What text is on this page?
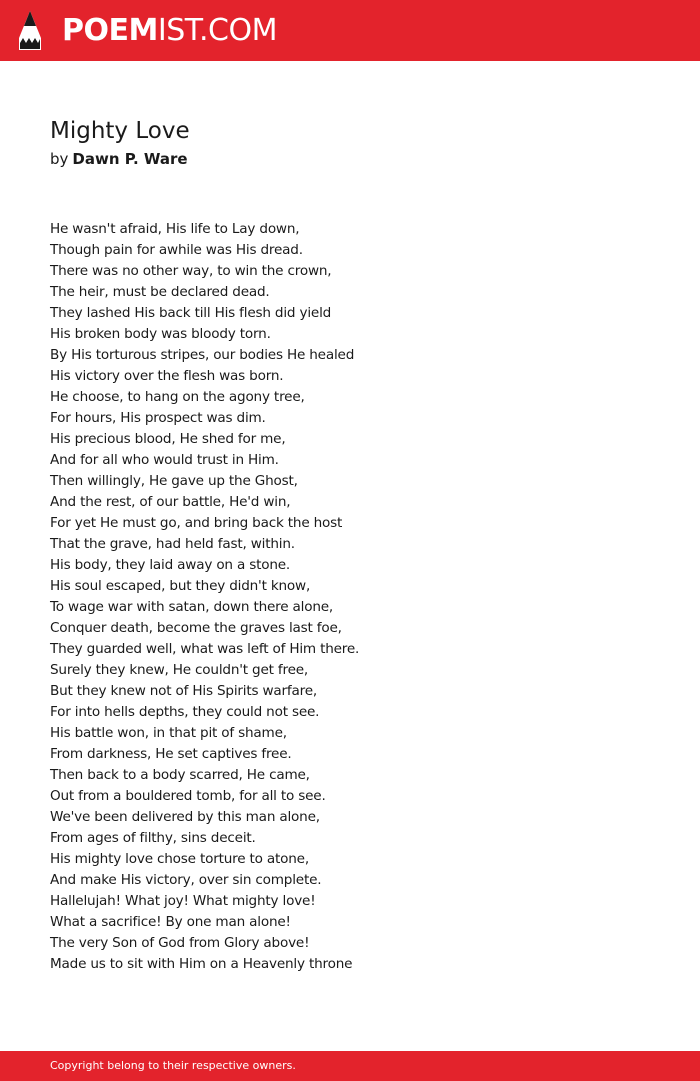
POEMIST.COM
Mighty Love
by Dawn P. Ware
He wasn't afraid, His life to Lay down,
Though pain for awhile was His dread.
There was no other way, to win the crown,
The heir, must be declared dead.
They lashed His back till His flesh did yield
His broken body was bloody torn.
By His torturous stripes, our bodies He healed
His victory over the flesh was born.
He choose, to hang on the agony tree,
For hours, His prospect was dim.
His precious blood, He shed for me,
And for all who would trust in Him.
Then willingly, He gave up the Ghost,
And the rest, of our battle, He'd win,
For yet He must go, and bring back the host
That the grave, had held fast, within.
His body, they laid away on a stone.
His soul escaped, but they didn't know,
To wage war with satan, down there alone,
Conquer death, become the graves last foe,
They guarded well, what was left of Him there.
Surely they knew, He couldn't get free,
But they knew not of His Spirits warfare,
For into hells depths, they could not see.
His battle won, in that pit of shame,
From darkness, He set captives free.
Then back to a body scarred, He came,
Out from a bouldered tomb, for all to see.
We've been delivered by this man alone,
From ages of filthy, sins deceit.
His mighty love chose torture to atone,
And make His victory, over sin complete.
Hallelujah! What joy! What mighty love!
What a sacrifice! By one man alone!
The very Son of God from Glory above!
Made us to sit with Him on a Heavenly throne
Copyright belong to their respective owners.
